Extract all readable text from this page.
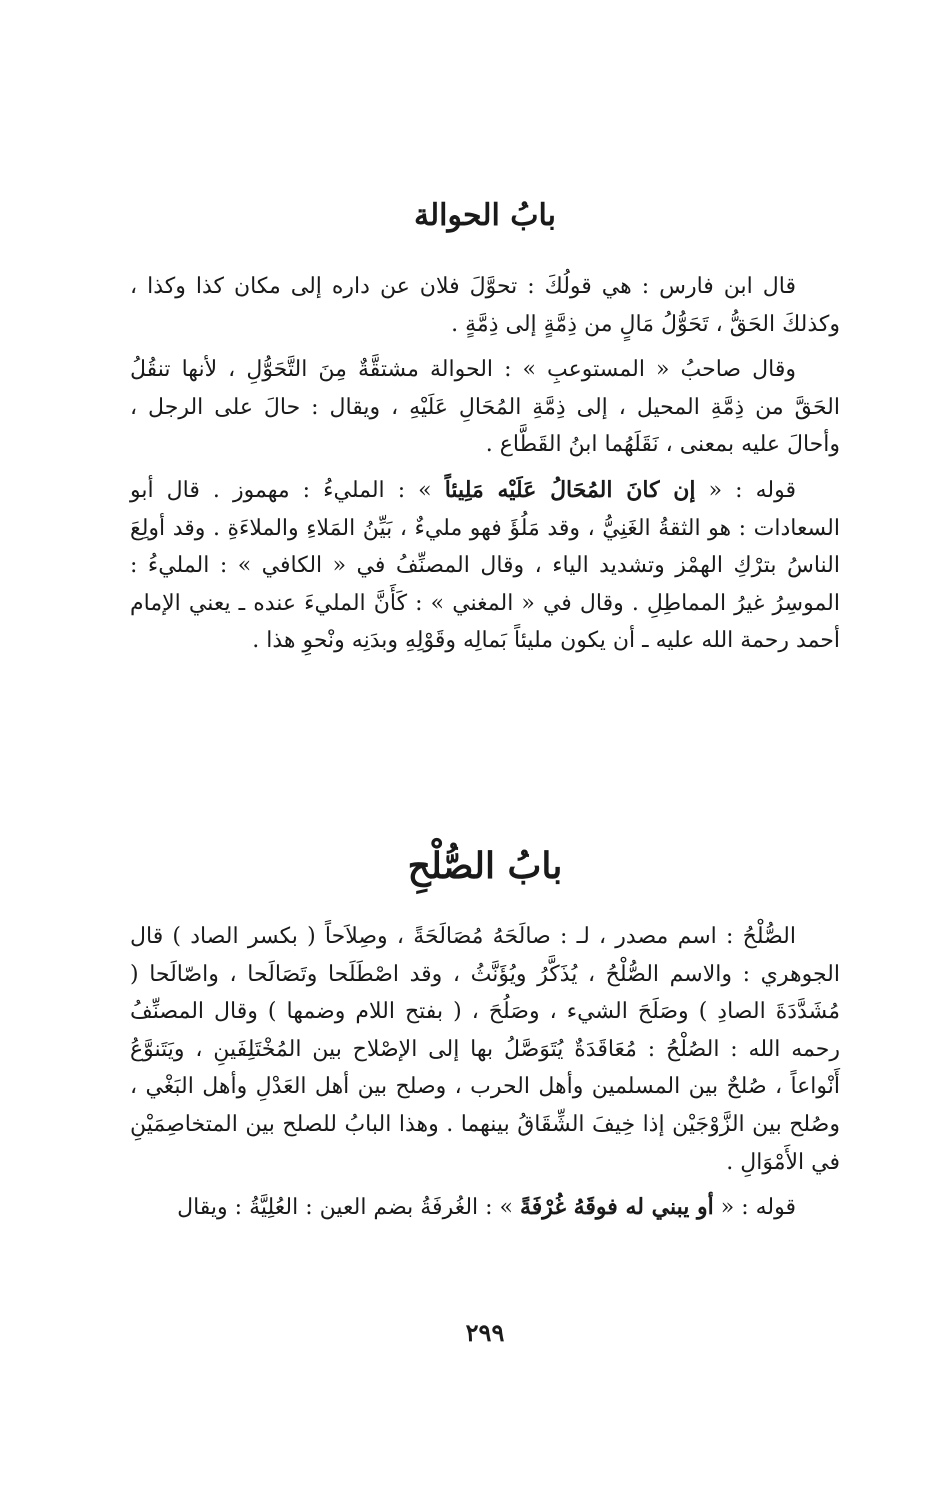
بابُ الحوالة

قال ابن فارس : هي قولُكَ : تحوَّلَ فلان عن داره إلى مكان كذا وكذا ، وكذلكَ الحَقُّ ، تَحَوُّلُ مَالٍ من ذِمَّةٍ إلى ذِمَّةٍ .

وقال صاحبُ « المستوعبِ » : الحوالة مشتقَّةٌ مِنَ التَّحَوُّلِ ، لأنها تنقُلُ الحَقَّ من ذِمَّةِ المحيل ، إلى ذِمَّةِ المُحَالِ عَلَيْهِ ، ويقال : حالَ على الرجل ، وأحالَ عليه بمعنى ، نَقَلَهُما ابنُ القَطَّاع .

قوله : « إن كانَ المُحَالُ عَلَيْه مَلِيئاً » : المليءُ : مهموز . قال أبو السعادات : هو الثقةُ الغَنِيُّ ، وقد مَلُؤَ فهو مليءٌ ، بَيِّنُ المَلاءِ والملاءَةِ . وقد أولِعَ الناسُ بترْكِ الهمْز وتشديد الياء ، وقال المصنِّفُ في « الكافي » : المليءُ : الموسِرُ غيرُ المماطِلِ . وقال في « المغني » : كَأَنَّ المليءَ عنده ـ يعني الإمام أحمد رحمة الله عليه ـ أن يكون مليئاً بَمالِه وقَوْلِهِ وبدَنِه ونْحوِ هذا .

بابُ الصُّلْحِ

الصُّلْحُ : اسم مصدر ، لـ : صالَحَهُ مُصَالَحَةً ، وصِلاَحاً ( بكسر الصاد ) قال الجوهري : والاسم الصُّلْحُ ، يُذَكَّرُ ويُؤَنَّثُ ، وقد اصْطَلَحا وتَصَالَحا ، واصّالَحا ( مُشَدَّدَةَ الصادِ ) وصَلَحَ الشيء ، وصَلُحَ ، ( بفتح اللام وضمها ) وقال المصنِّفُ رحمه الله : الصُلْحُ : مُعَاقَدَةٌ يُتَوَصَّلُ بها إلى الإصْلاح بين المُخْتَلِفَينِ ، ويَتَنوَّعُ أَنْواعاً ، صُلحٌ بين المسلمين وأهل الحرب ، وصلح بين أهل العَدْلِ وأهل البَغْي ، وصُلح بين الزَّوْجَيْن إذا خِيفَ الشِّقَاقُ بينهما . وهذا البابُ للصلح بين المتخاصِمَيْنِ في الأَمْوَالِ .

قوله : « أو يبني له فوقَهُ غُرْفَةً » : الغُرفَةُ بضم العين : العُلِيَّةُ : ويقال

٢٩٩
